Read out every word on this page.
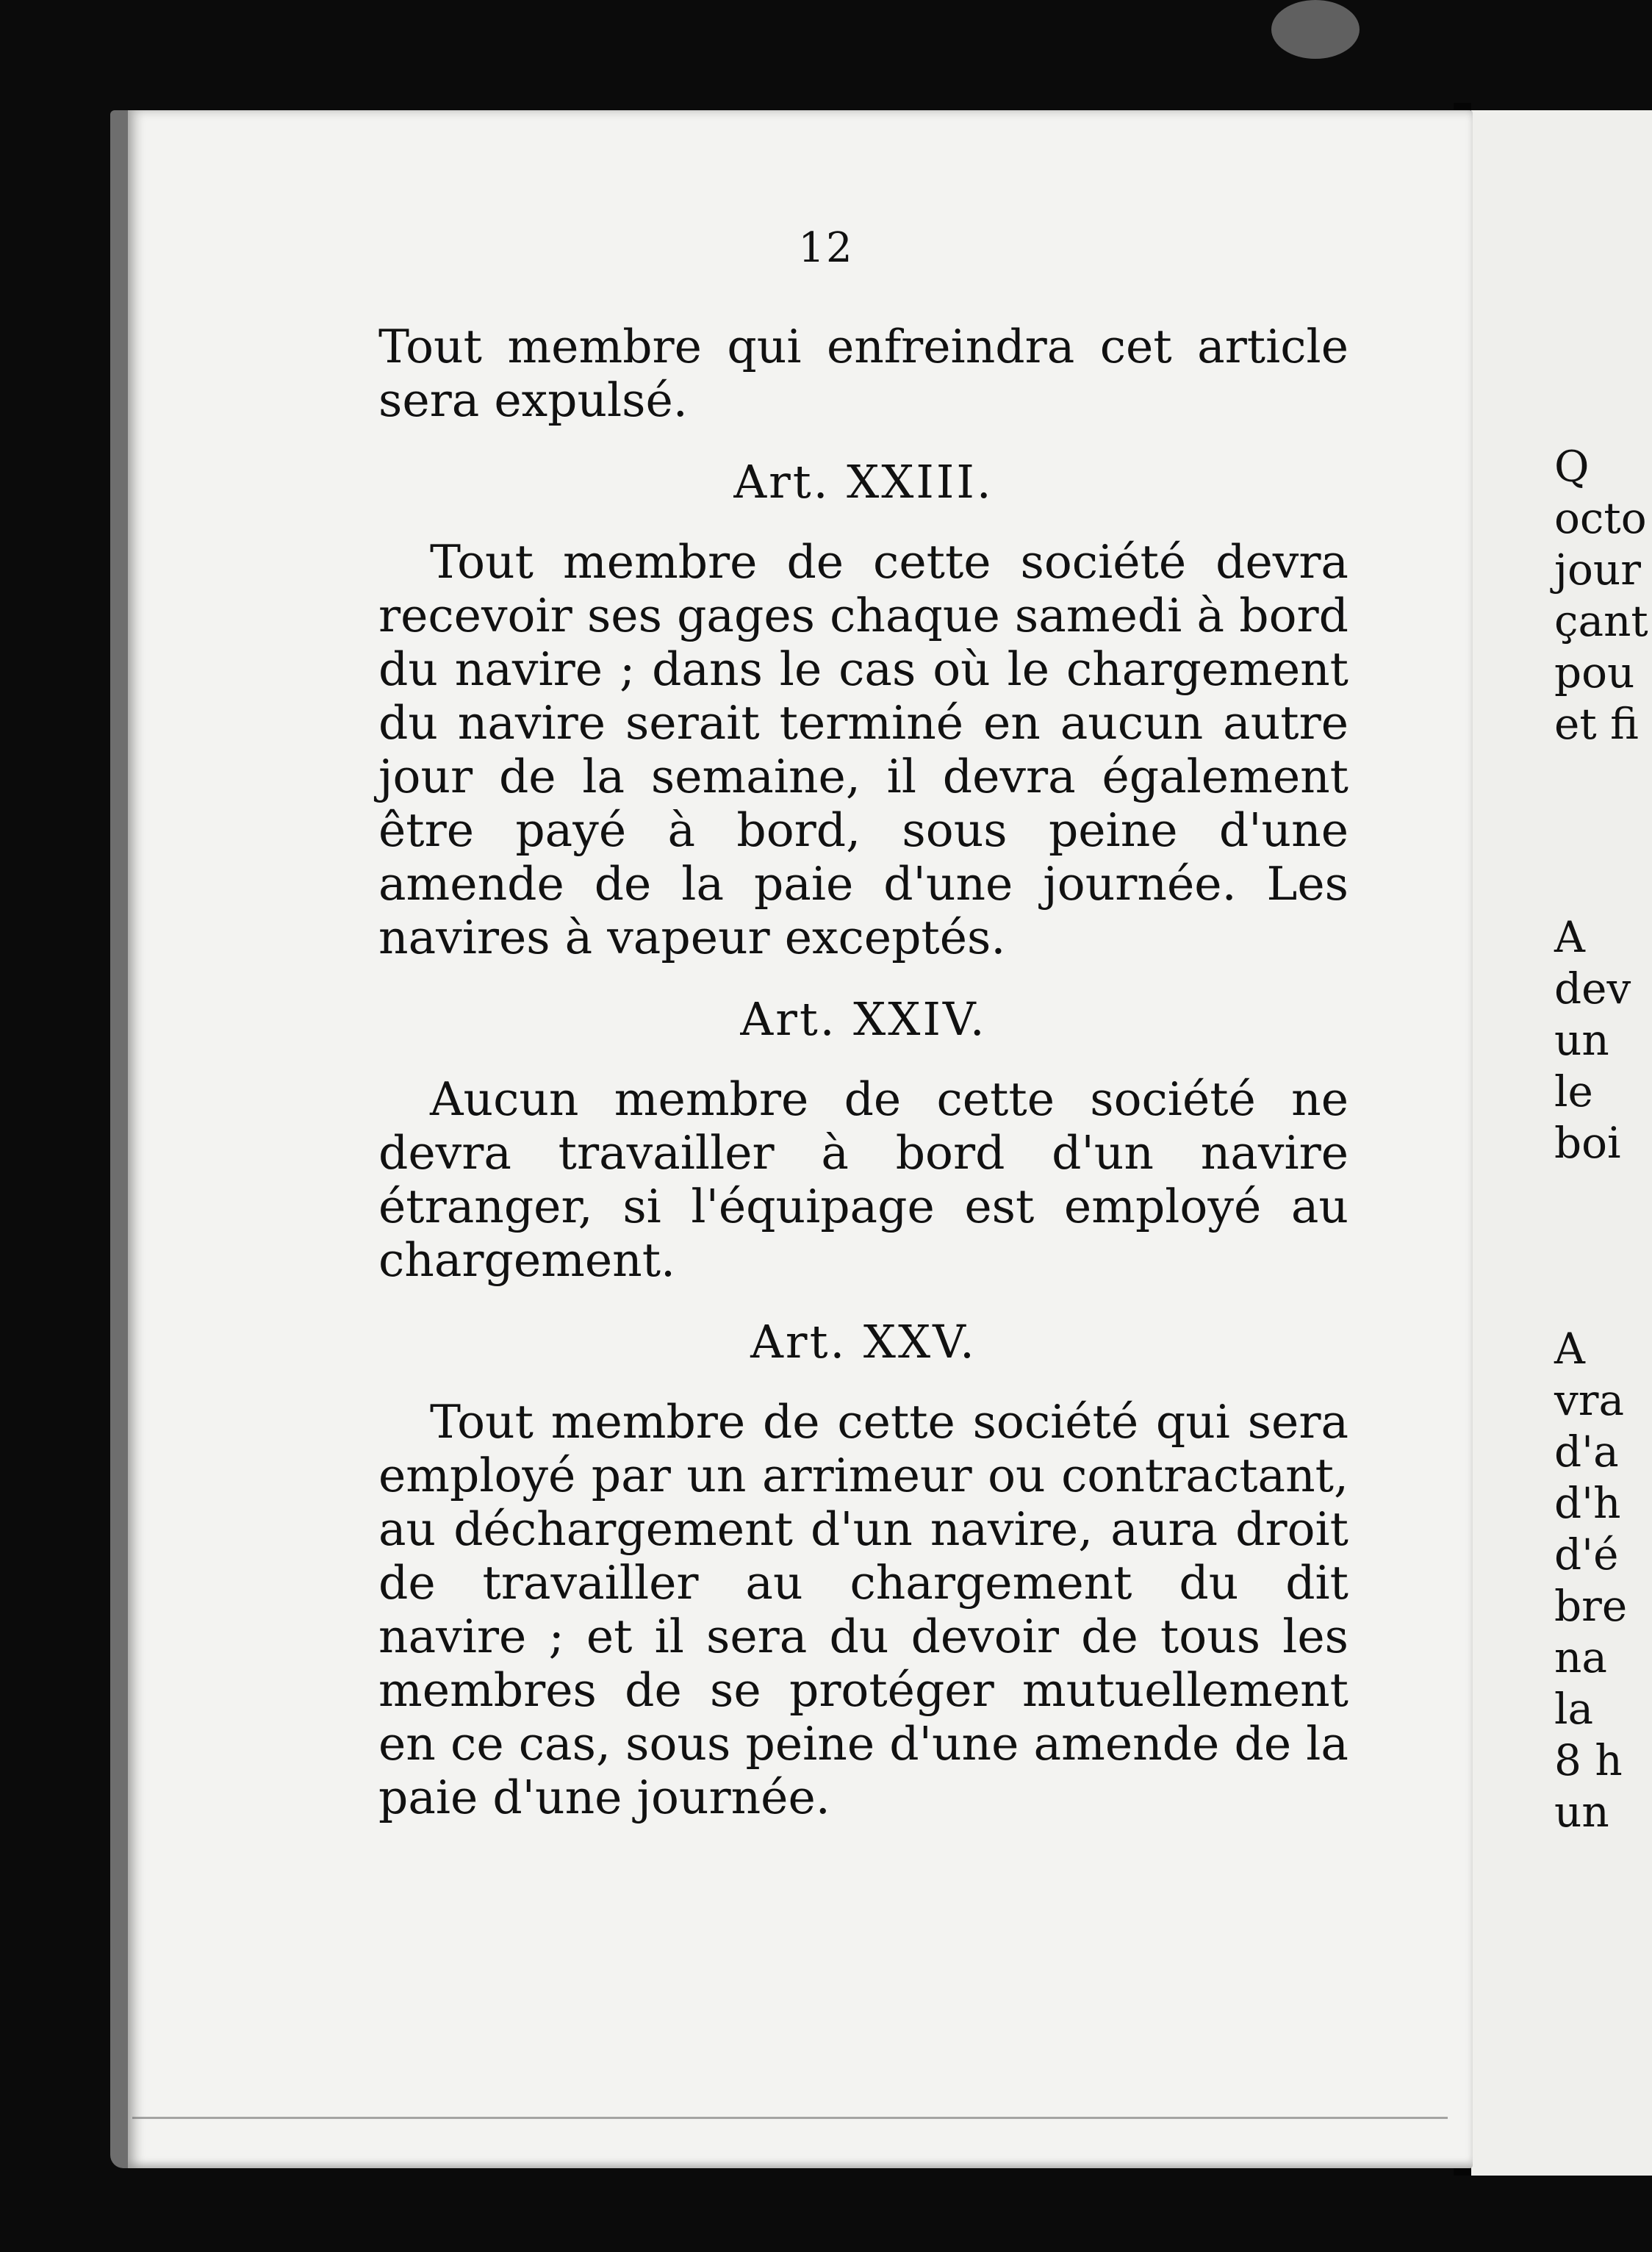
12

Tout membre qui enfreindra cet article sera expulsé.

Art. XXIII.

Tout membre de cette société devra recevoir ses gages chaque samedi à bord du navire ; dans le cas où le chargement du navire serait terminé en aucun autre jour de la semaine, il devra également être payé à bord, sous peine d'une amende de la paie d'une journée. Les navires à vapeur exceptés.

Art. XXIV.

Aucun membre de cette société ne devra travailler à bord d'un navire étranger, si l'équipage est employé au chargement.

Art. XXV.

Tout membre de cette société qui sera employé par un arrimeur ou contractant, au déchargement d'un navire, aura droit de travailler au chargement du dit navire ; et il sera du devoir de tous les membres de se protéger mutuellement en ce cas, sous peine d'une amende de la paie d'une journée.

Q
octo
jour
çant
pou
et fi
A
dev
un
le
boi
A
vra
d'a
d'h
d'é
bre
na
la
8 h
un
